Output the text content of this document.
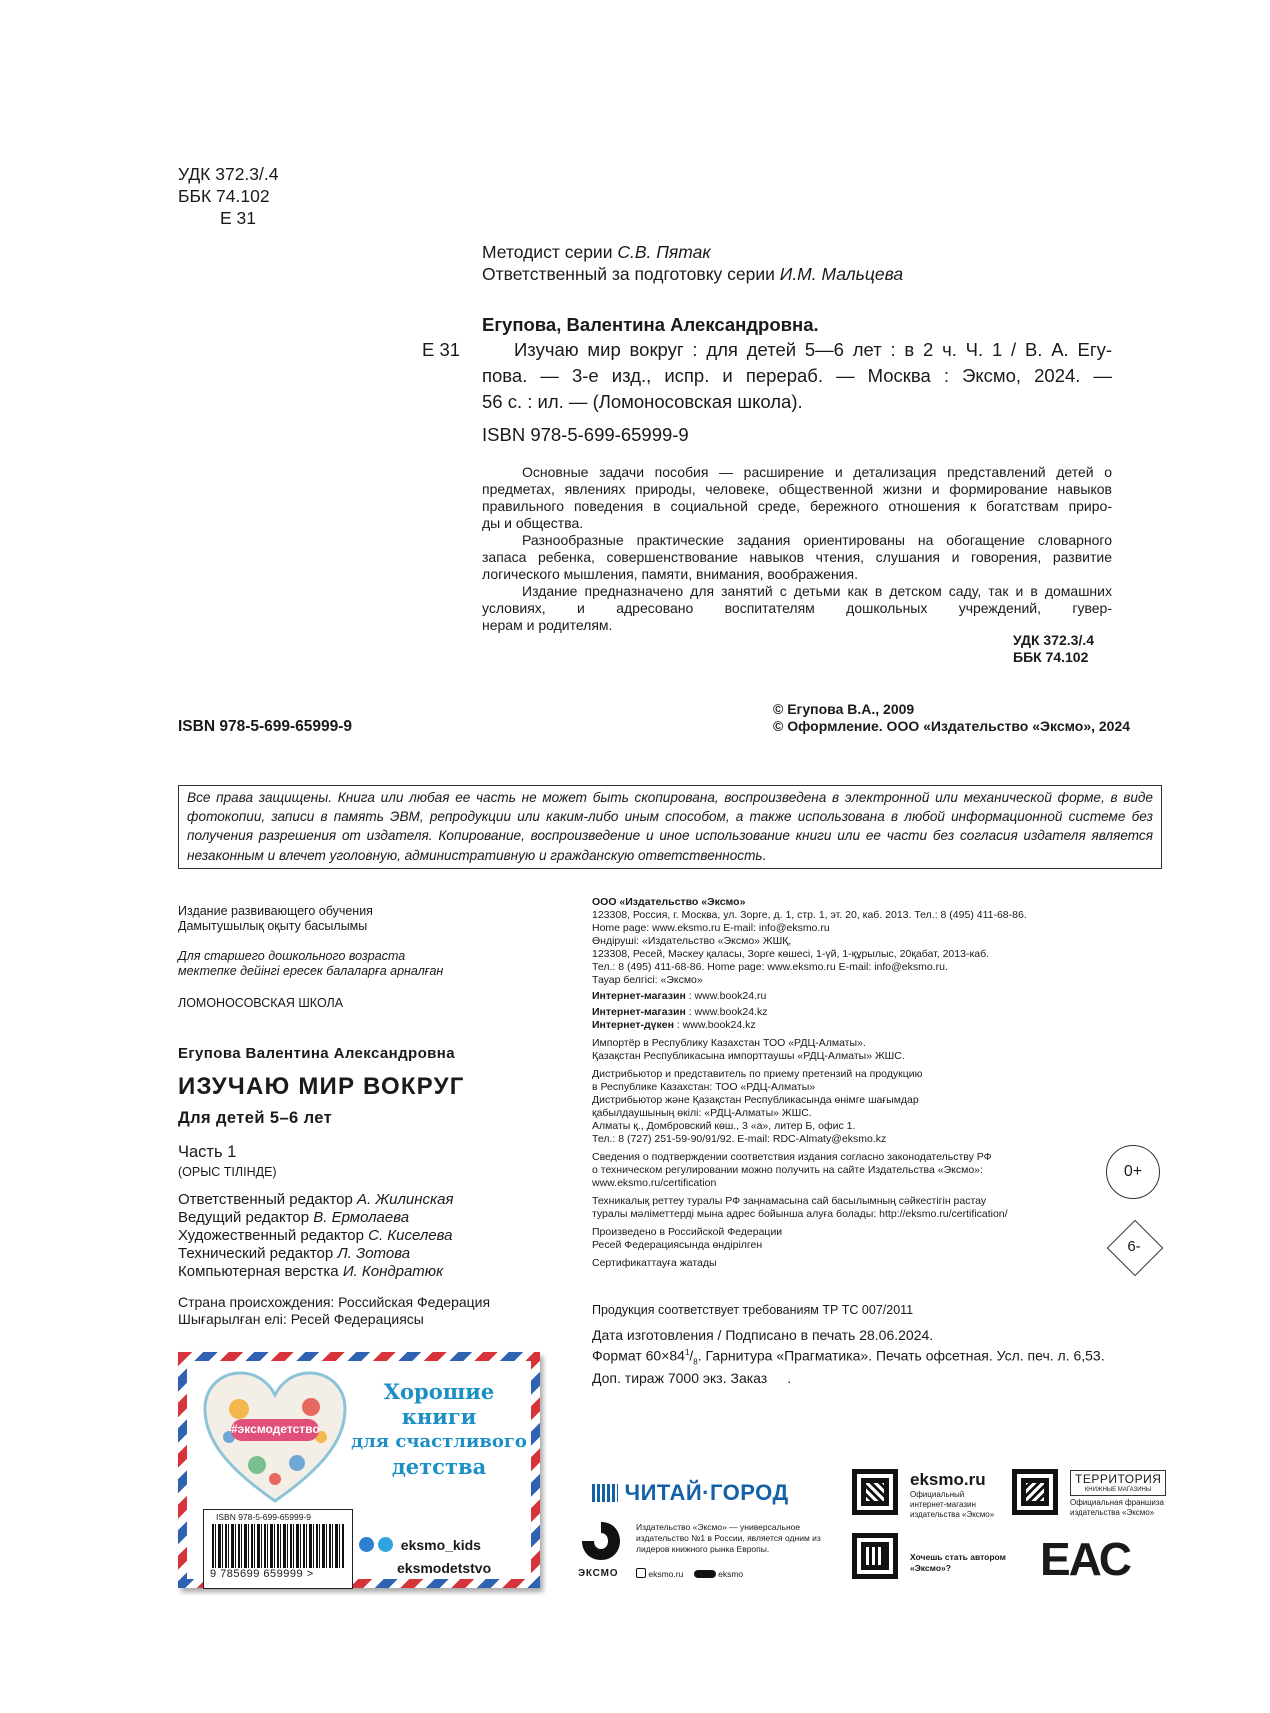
УДК 372.3/.4
ББК 74.102
Е 31
Методист серии С.В. Пятак
Ответственный за подготовку серии И.М. Мальцева
Егупова, Валентина Александровна.
Е 31	Изучаю мир вокруг : для детей 5—6 лет : в 2 ч. Ч. 1 / В. А. Егу-
пова. — 3-е изд., испр. и перераб. — Москва : Эксмо, 2024. —
56 с. : ил. — (Ломоносовская школа).
ISBN 978-5-699-65999-9
Основные задачи пособия — расширение и детализация представлений детей о
предметах, явлениях природы, человеке, общественной жизни и формирование навыков
правильного поведения в социальной среде, бережного отношения к богатствам приро-
ды и общества.
Разнообразные практические задания ориентированы на обогащение словарного
запаса ребенка, совершенствование навыков чтения, слушания и говорения, развитие
логического мышления, памяти, внимания, воображения.
Издание предназначено для занятий с детьми как в детском саду, так и в домашних
условиях, и адресовано воспитателям дошкольных учреждений, гувер-
нерам и родителям.
УДК 372.3/.4
ББК 74.102
ISBN 978-5-699-65999-9
© Егупова В.А., 2009
© Оформление. ООО «Издательство «Эксмо», 2024
Все права защищены. Книга или любая ее часть не может быть скопирована, воспроизведена в электронной или механической форме, в виде фотокопии, записи в память ЭВМ, репродукции или каким-либо иным способом, а также использована в любой информационной системе без получения разрешения от издателя. Копирование, воспроизведение и иное использование книги или ее части без согласия издателя является незаконным и влечет уголовную, административную и гражданскую ответственность.
Издание развивающего обучения
Дамытушылық оқыту басылымы
Для старшего дошкольного возраста
мектепке дейінгі ересек балаларға арналған
ЛОМОНОСОВСКАЯ ШКОЛА
Егупова Валентина Александровна
ИЗУЧАЮ МИР ВОКРУГ
Для детей 5–6 лет
Часть 1
(ОРЫС ТІЛІНДЕ)
Ответственный редактор А. Жилинская
Ведущий редактор В. Ермолаева
Художественный редактор С. Киселева
Технический редактор Л. Зотова
Компьютерная верстка И. Кондратюк
Страна происхождения: Российская Федерация
Шығарылған елі: Ресей Федерациясы
ООО «Издательство «Эксмо»
123308, Россия, г. Москва, ул. Зорге, д. 1, стр. 1, эт. 20, каб. 2013. Тел.: 8 (495) 411-68-86.
Home page: www.eksmo.ru E-mail: info@eksmo.ru
Өндіруші: «Издательство «Эксмо» ЖШҚ,
123308, Ресей, Мәскеу қаласы, Зорге көшесі, 1-үй, 1-құрылыс, 20қабат, 2013-каб.
Тел.: 8 (495) 411-68-86. Home page: www.eksmo.ru E-mail: info@eksmo.ru.
Тауар белгісі: «Эксмо»
Интернет-магазин : www.book24.ru
Интернет-магазин : www.book24.kz
Интернет-дүкен : www.book24.kz
Импортёр в Республику Казахстан ТОО «РДЦ-Алматы».
Қазақстан Республикасына импорттаушы «РДЦ-Алматы» ЖШС.
Дистрибьютор и представитель по приему претензий на продукцию
в Республике Казахстан: ТОО «РДЦ-Алматы»
Дистрибьютор және Қазақстан Республикасында өнімге шағымдар
қабылдаушының өкілі: «РДЦ-Алматы» ЖШС.
Алматы қ., Домбровский көш., 3 «а», литер Б, офис 1.
Тел.: 8 (727) 251-59-90/91/92. E-mail: RDC-Almaty@eksmo.kz
Сведения о подтверждении соответствия издания согласно законодательству РФ
о техническом регулировании можно получить на сайте Издательства «Эксмо»:
www.eksmo.ru/certification
Техникалық реттеу туралы РФ заңнамасына сай басылымның сәйкестігін растау
туралы мәліметтерді мына адрес бойынша алуға болады: http://eksmo.ru/certification/
Произведено в Российской Федерации
Ресей Федерациясында өндірілген
Сертификаттауға жатады
Продукция соответствует требованиям ТР ТС 007/2011
Дата изготовления / Подписано в печать 28.06.2024.
Формат $60\times 84^1/_8$. Гарнитура «Прагматика». Печать офсетная. Усл. печ. л. 6,53.
Доп. тираж 7000 экз. Заказ .
0+
6-
#эксмодетство
Хорошие
книги
для счастливого
детства
ISBN 978-5-699-65999-9
9 785699 659999 >
eksmo_kids
eksmodetstvo
ЧИТАЙ·ГОРОД
eksmo.ru
Официальный интернет-магазин издательства «Эксмо»
ТЕРРИТОРИЯ
КНИЖНЫЕ МАГАЗИНЫ
Официальная франшиза издательства «Эксмо»
ЭКСМО
Издательство «Эксмо» — универсальное издательство №1 в России, является одним из лидеров книжного рынка Европы.
eksmo.ru	eksmo
Хочешь стать автором «Эксмо»?	ЕАС
